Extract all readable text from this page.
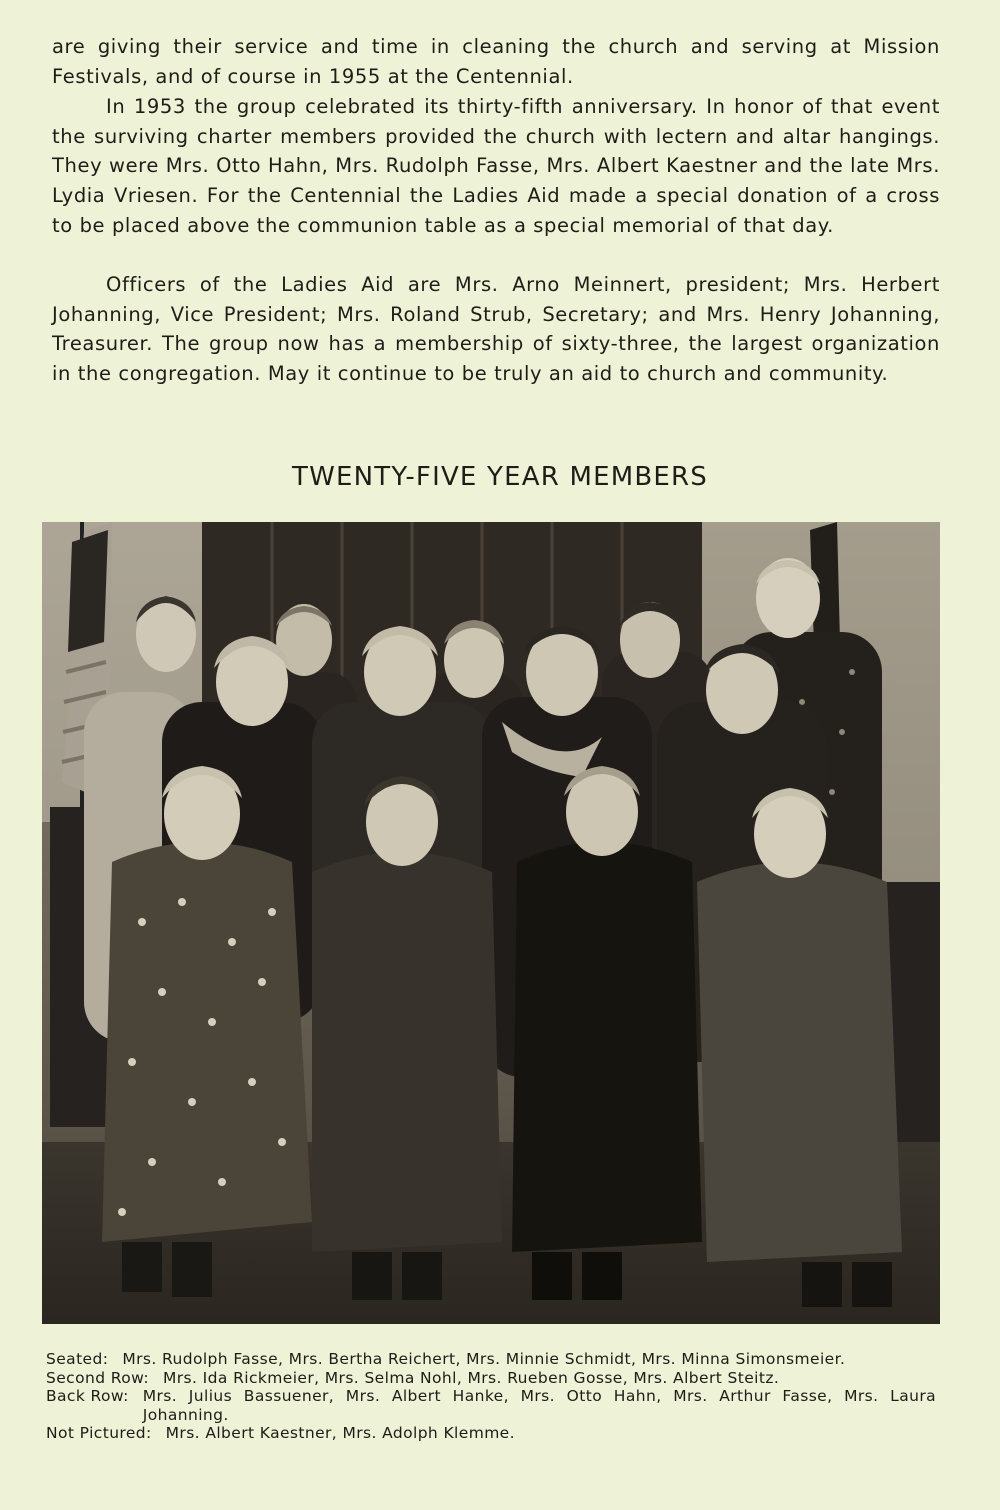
are giving their service and time in cleaning the church and serving at Mission Festivals, and of course in 1955 at the Centennial.

In 1953 the group celebrated its thirty-fifth anniversary. In honor of that event the surviving charter members provided the church with lectern and altar hangings. They were Mrs. Otto Hahn, Mrs. Rudolph Fasse, Mrs. Albert Kaestner and the late Mrs. Lydia Vriesen. For the Centennial the Ladies Aid made a special donation of a cross to be placed above the communion table as a special memorial of that day.

Officers of the Ladies Aid are Mrs. Arno Meinnert, president; Mrs. Herbert Johanning, Vice President; Mrs. Roland Strub, Secretary; and Mrs. Henry Johanning, Treasurer. The group now has a membership of sixty-three, the largest organization in the congregation. May it continue to be truly an aid to church and community.

TWENTY-FIVE YEAR MEMBERS
Seated: Mrs. Rudolph Fasse, Mrs. Bertha Reichert, Mrs. Minnie Schmidt, Mrs. Minna Simonsmeier.
Second Row: Mrs. Ida Rickmeier, Mrs. Selma Nohl, Mrs. Rueben Gosse, Mrs. Albert Steitz.
Back Row: Mrs. Julius Bassuener, Mrs. Albert Hanke, Mrs. Otto Hahn, Mrs. Arthur Fasse, Mrs. Laura Johanning.
Not Pictured: Mrs. Albert Kaestner, Mrs. Adolph Klemme.
